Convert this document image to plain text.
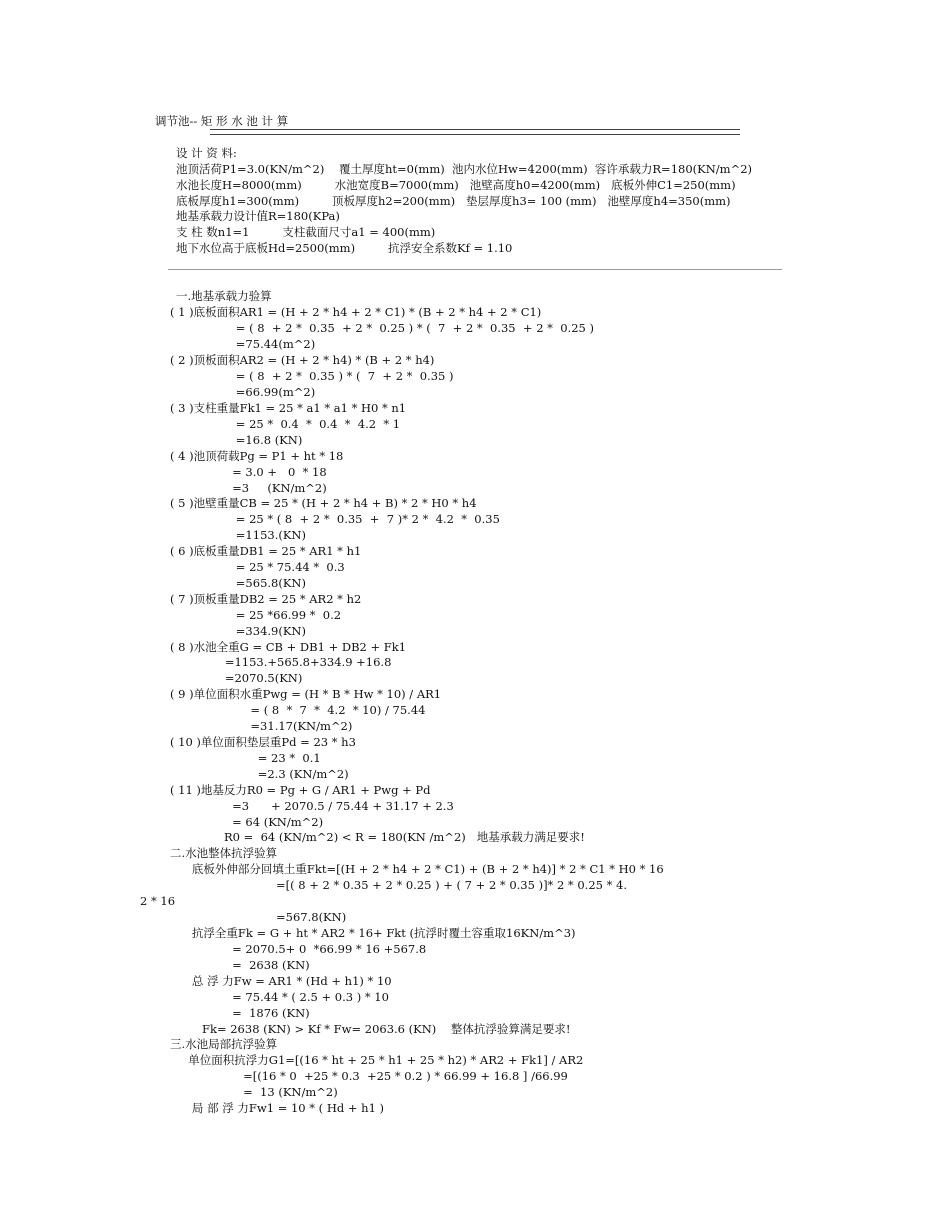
调节池-- 矩 形 水 池 计 算
设 计 资 料:
池顶活荷P1=3.0(KN/m^2)    覆土厚度ht=0(mm)  池内水位Hw=4200(mm)  容许承载力R=180(KN/m^2)
水池长度H=8000(mm)         水池宽度B=7000(mm)   池壁高度h0=4200(mm)   底板外伸C1=250(mm)
底板厚度h1=300(mm)         顶板厚度h2=200(mm)   垫层厚度h3= 100 (mm)   池壁厚度h4=350(mm)
地基承载力设计值R=180(KPa)
支 柱 数n1=1         支柱截面尺寸a1 = 400(mm)
地下水位高于底板Hd=2500(mm)         抗浮安全系数Kf = 1.10
一.地基承载力验算
( 1 )底板面积AR1 = (H + 2 * h4 + 2 * C1) * (B + 2 * h4 + 2 * C1)
= ( 8  + 2 *  0.35  + 2 *  0.25 ) * (  7  + 2 *  0.35  + 2 *  0.25 )
=75.44(m^2)
( 2 )顶板面积AR2 = (H + 2 * h4) * (B + 2 * h4)
= ( 8  + 2 *  0.35 ) * (  7  + 2 *  0.35 )
=66.99(m^2)
( 3 )支柱重量Fk1 = 25 * a1 * a1 * H0 * n1
= 25 *  0.4  *  0.4  *  4.2  * 1
=16.8 (KN)
( 4 )池顶荷载Pg = P1 + ht * 18
= 3.0 +   0  * 18
=3     (KN/m^2)
( 5 )池壁重量CB = 25 * (H + 2 * h4 + B) * 2 * H0 * h4
= 25 * ( 8  + 2 *  0.35  +  7 )* 2 *  4.2  *  0.35
=1153.(KN)
( 6 )底板重量DB1 = 25 * AR1 * h1
= 25 * 75.44 *  0.3
=565.8(KN)
( 7 )顶板重量DB2 = 25 * AR2 * h2
= 25 *66.99 *  0.2
=334.9(KN)
( 8 )水池全重G = CB + DB1 + DB2 + Fk1
=1153.+565.8+334.9 +16.8
=2070.5(KN)
( 9 )单位面积水重Pwg = (H * B * Hw * 10) / AR1
= ( 8  *  7  *  4.2  * 10) / 75.44
=31.17(KN/m^2)
( 10 )单位面积垫层重Pd = 23 * h3
= 23 *  0.1
=2.3 (KN/m^2)
( 11 )地基反力R0 = Pg + G / AR1 + Pwg + Pd
=3      + 2070.5 / 75.44 + 31.17 + 2.3
= 64 (KN/m^2)
R0 =  64 (KN/m^2) < R = 180(KN /m^2)   地基承载力满足要求!
二.水池整体抗浮验算
底板外伸部分回填土重Fkt=[(H + 2 * h4 + 2 * C1) + (B + 2 * h4)] * 2 * C1 * H0 * 16
=[( 8 + 2 * 0.35 + 2 * 0.25 ) + ( 7 + 2 * 0.35 )]* 2 * 0.25 * 4.
2 * 16
=567.8(KN)
抗浮全重Fk = G + ht * AR2 * 16+ Fkt (抗浮时覆土容重取16KN/m^3)
= 2070.5+ 0  *66.99 * 16 +567.8
=  2638 (KN)
总 浮 力Fw = AR1 * (Hd + h1) * 10
= 75.44 * ( 2.5 + 0.3 ) * 10
=  1876 (KN)
Fk= 2638 (KN) > Kf * Fw= 2063.6 (KN)    整体抗浮验算满足要求!
三.水池局部抗浮验算
单位面积抗浮力G1=[(16 * ht + 25 * h1 + 25 * h2) * AR2 + Fk1] / AR2
=[(16 * 0  +25 * 0.3  +25 * 0.2 ) * 66.99 + 16.8 ] /66.99
=  13 (KN/m^2)
局 部 浮 力Fw1 = 10 * ( Hd + h1 )
